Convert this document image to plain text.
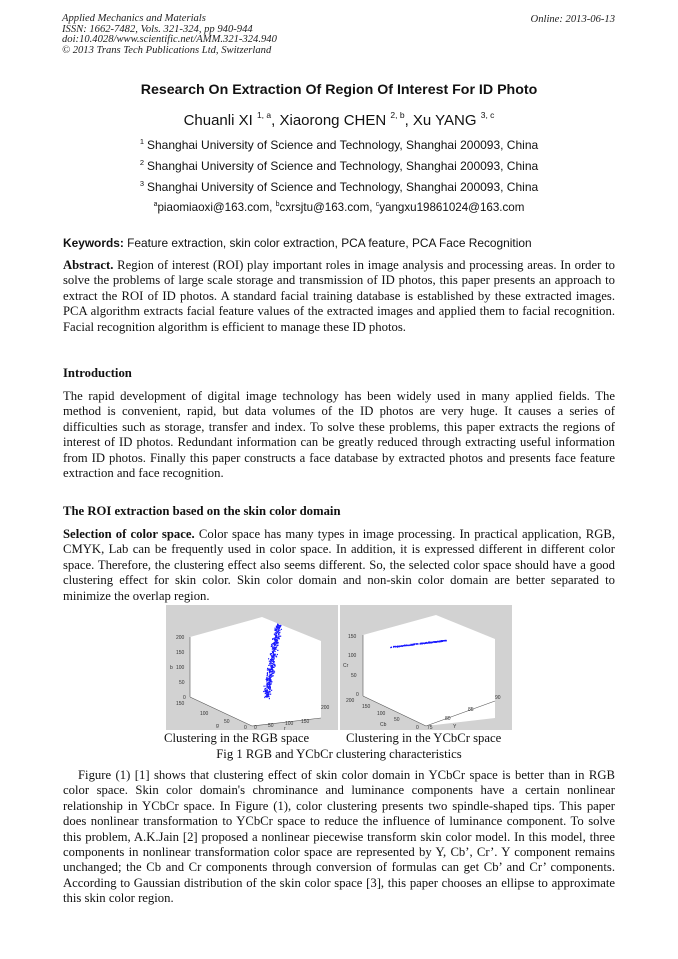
Applied Mechanics and Materials
ISSN: 1662-7482, Vols. 321-324, pp 940-944
doi:10.4028/www.scientific.net/AMM.321-324.940
© 2013 Trans Tech Publications Ltd, Switzerland
Online: 2013-06-13
Research On Extraction Of Region Of Interest For ID Photo
Chuanli XI $^{1, a}$, Xiaorong CHEN $^{2, b}$, Xu YANG $^{3, c}$
$^1$ Shanghai University of Science and Technology, Shanghai 200093, China
$^2$ Shanghai University of Science and Technology, Shanghai 200093, China
$^3$ Shanghai University of Science and Technology, Shanghai 200093, China
$^a$piaomiaoxi@163.com, $^b$cxrsjtu@163.com, $^c$yangxu19861024@163.com
Keywords: Feature extraction, skin color extraction, PCA feature, PCA Face Recognition
Abstract. Region of interest (ROI) play important roles in image analysis and processing areas. In order to solve the problems of large scale storage and transmission of ID photos, this paper presents an approach to extract the ROI of ID photos. A standard facial training database is established by these extracted images. PCA algorithm extracts facial feature values of the extracted images and applied them to facial recognition. Facial recognition algorithm is efficient to manage these ID photos.
Introduction
The rapid development of digital image technology has been widely used in many applied fields. The method is convenient, rapid, but data volumes of the ID photos are very huge. It causes a series of difficulties such as storage, transfer and index. To solve these problems, this paper extracts the regions of interest of ID photos. Redundant information can be greatly reduced through extracting useful information from ID photos. Finally this paper constructs a face database by extracted photos and presents face feature extraction and face recognition.
The ROI extraction based on the skin color domain
Selection of color space. Color space has many types in image processing. In practical application, RGB, CMYK, Lab can be frequently used in color space. In addition, it is expressed different in different color space. Therefore, the clustering effect also seems different. So, the selected color space should have a good clustering effect for skin color. Skin color domain and non-skin color domain are better separated to minimize the overlap region.
200
150
100
50
0
b
150
100
50
0
g	0 50 100 150
200
r
150
100
50
0
Cr
200
150
100
50
0
Cb	75
80
85
90
Y
Clustering in the RGB space	Clustering in the YCbCr space
Fig 1 RGB and YCbCr clustering characteristics
Figure (1) [1] shows that clustering effect of skin color domain in YCbCr space is better than in RGB color space. Skin color domain's chrominance and luminance components have a certain nonlinear relationship in YCbCr space. In Figure (1), color clustering presents two spindle-shaped tips. This paper does nonlinear transformation to YCbCr space to reduce the influence of luminance component. To solve this problem, A.K.Jain [2] proposed a nonlinear piecewise transform skin color model. In this model, three components in nonlinear transformation color space are represented by Y, Cb’, Cr’. Y component remains unchanged; the Cb and Cr components through conversion of formulas can get Cb’ and Cr’ components. According to Gaussian distribution of the skin color space [3], this paper chooses an ellipse to approximate this skin color region.
